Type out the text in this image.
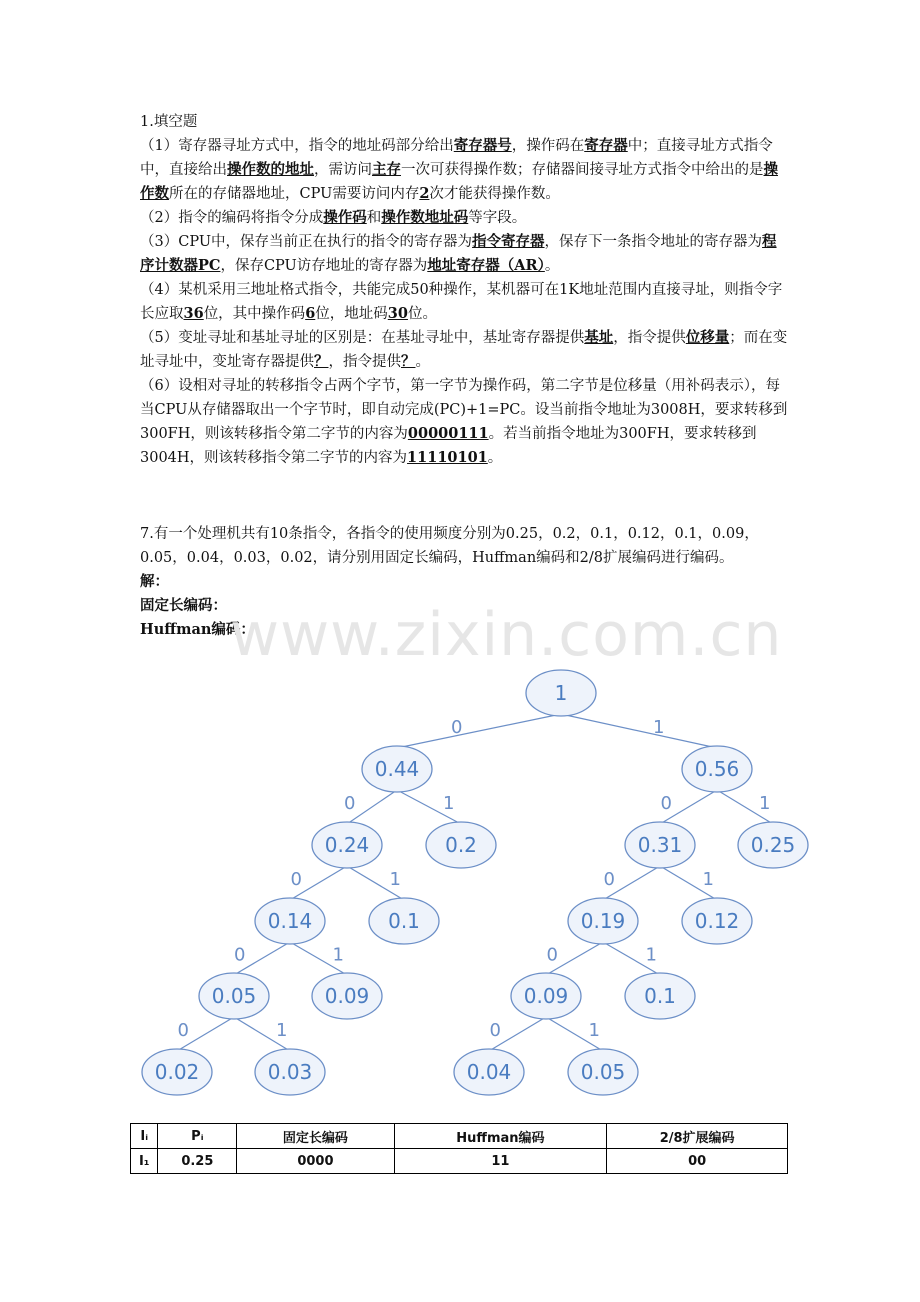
1.填空题

（1）寄存器寻址方式中，指令的地址码部分给出寄存器号，操作码在寄存器中；直接寻址方式指令中，直接给出操作数的地址，需访问主存一次可获得操作数；存储器间接寻址方式指令中给出的是操作数所在的存储器地址，CPU需要访问内存2次才能获得操作数。

（2）指令的编码将指令分成操作码和操作数地址码等字段。

（3）CPU中，保存当前正在执行的指令的寄存器为指令寄存器，保存下一条指令地址的寄存器为程序计数器PC，保存CPU访存地址的寄存器为地址寄存器（AR）。

（4）某机采用三地址格式指令，共能完成50种操作，某机器可在1K地址范围内直接寻址，则指令字长应取36位，其中操作码6位，地址码30位。

（5）变址寻址和基址寻址的区别是：在基址寻址中，基址寄存器提供基址，指令提供位移量；而在变址寻址中，变址寄存器提供？，指令提供？。

（6）设相对寻址的转移指令占两个字节，第一字节为操作码，第二字节是位移量（用补码表示），每当CPU从存储器取出一个字节时，即自动完成(PC)+1=PC。设当前指令地址为3008H，要求转移到300FH，则该转移指令第二字节的内容为00000111。若当前指令地址为300FH，要求转移到3004H，则该转移指令第二字节的内容为11110101。

7.有一个处理机共有10条指令，各指令的使用频度分别为0.25，0.2，0.1，0.12，0.1，0.09，0.05，0.04，0.03，0.02，请分别用固定长编码，Huffman编码和2/8扩展编码进行编码。

解：

固定长编码：

Huffman编码：

www.zixin.com.cn
0	1
0	1	0	1
0	1	0	1
0	1	0	1
0	1	0	1
1
0.44	0.56
0.24	0.2	0.31	0.25
0.14	0.1	0.19	0.12
0.05	0.09	0.09	0.1
0.02	0.03	0.04	0.05
Iᵢ	Pᵢ	固定长编码	Huffman编码	2/8扩展编码
I₁	0.25	0000	11	00
